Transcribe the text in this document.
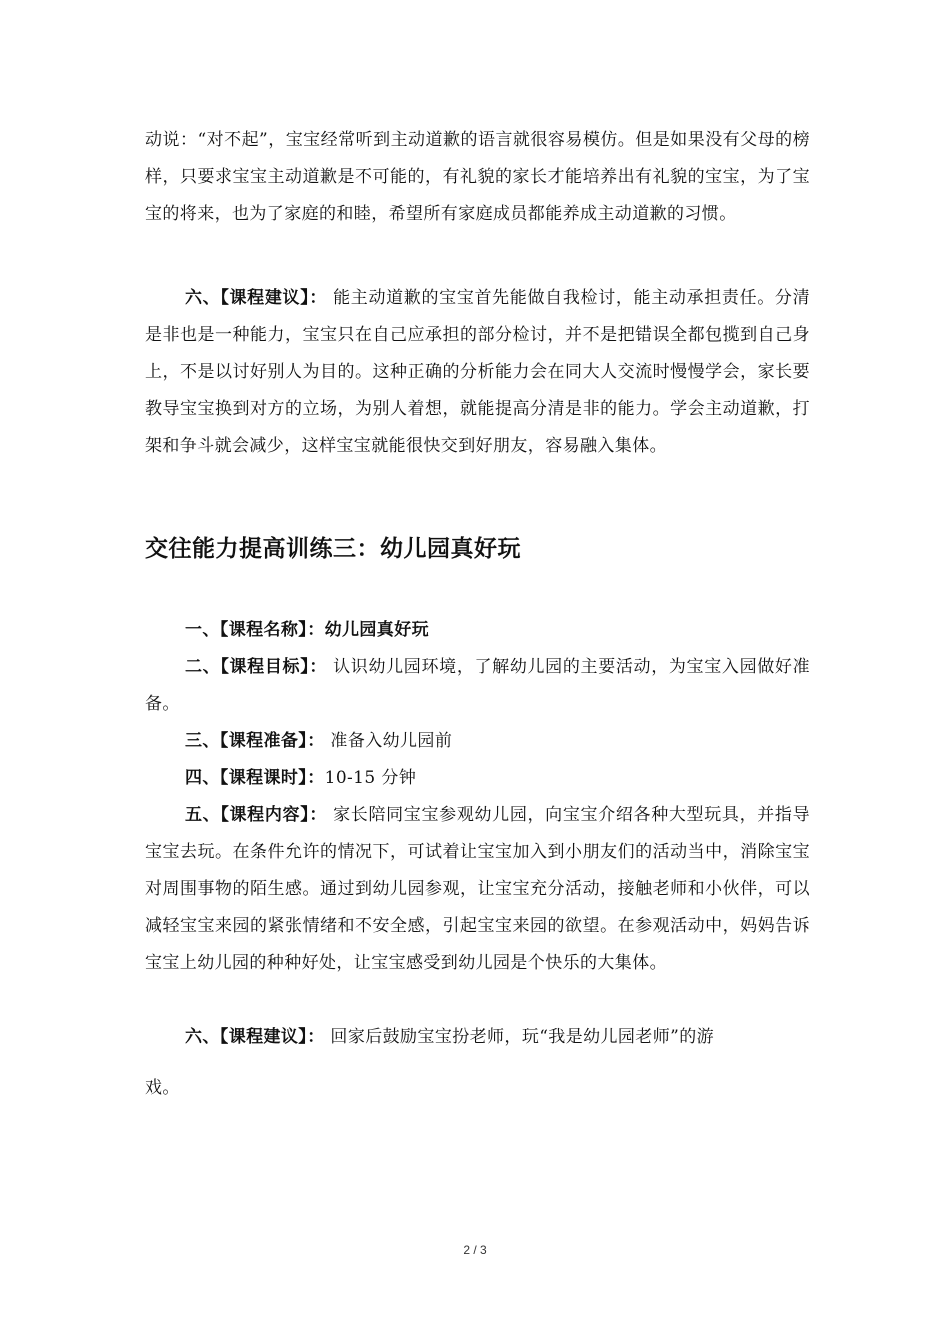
动说：“对不起”，宝宝经常听到主动道歉的语言就很容易模仿。但是如果没有父母的榜样，只要求宝宝主动道歉是不可能的，有礼貌的家长才能培养出有礼貌的宝宝，为了宝宝的将来，也为了家庭的和睦，希望所有家庭成员都能养成主动道歉的习惯。

六、【课程建议】： 能主动道歉的宝宝首先能做自我检讨，能主动承担责任。分清是非也是一种能力，宝宝只在自己应承担的部分检讨，并不是把错误全都包揽到自己身上，不是以讨好别人为目的。这种正确的分析能力会在同大人交流时慢慢学会，家长要教导宝宝换到对方的立场，为别人着想，就能提高分清是非的能力。学会主动道歉，打架和争斗就会减少，这样宝宝就能很快交到好朋友，容易融入集体。

交往能力提高训练三：幼儿园真好玩

一、【课程名称】：幼儿园真好玩

二、【课程目标】： 认识幼儿园环境，了解幼儿园的主要活动，为宝宝入园做好准备。

三、【课程准备】： 准备入幼儿园前

四、【课程课时】：10-15 分钟

五、【课程内容】： 家长陪同宝宝参观幼儿园，向宝宝介绍各种大型玩具，并指导宝宝去玩。在条件允许的情况下，可试着让宝宝加入到小朋友们的活动当中，消除宝宝对周围事物的陌生感。通过到幼儿园参观，让宝宝充分活动，接触老师和小伙伴，可以减轻宝宝来园的紧张情绪和不安全感，引起宝宝来园的欲望。在参观活动中，妈妈告诉宝宝上幼儿园的种种好处，让宝宝感受到幼儿园是个快乐的大集体。

六、【课程建议】： 回家后鼓励宝宝扮老师，玩“我是幼儿园老师”的游

戏。

2 / 3
